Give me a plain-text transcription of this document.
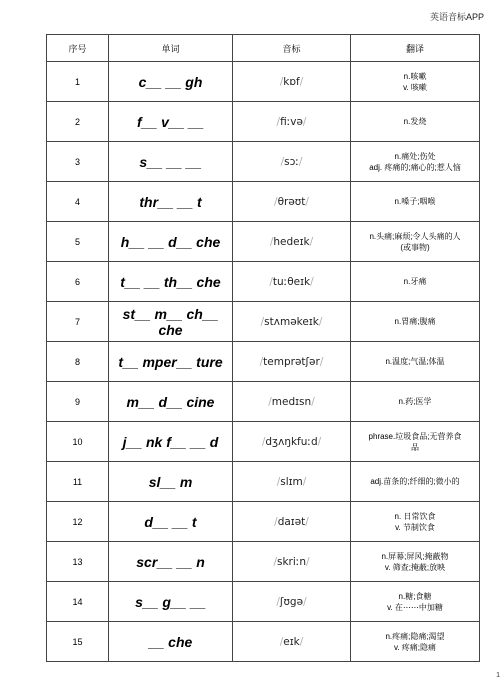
英语音标APP
序号	单词	音标	翻译
1	c__ __ gh	/kɒf/	n.咳嗽
v. 咳嗽

2	f__ v__ __	/fiːvə/	n.发烧

3	s__ __ __	/sɔː/	n.痛处;伤处
adj. 疼痛的;痛心的;惹人恼

4	thr__ __ t	/θrəʊt/	n.嗓子;咽喉

5	h__ __ d__ che	/hedeɪk/	n.头痛;麻烦;令人头痛的人
(或事物)

6	t__ __ th__ che	/tuːθeɪk/	n.牙痛

7	st__ m__ ch__ che	/stʌməkeɪk/	n.胃痛;腹痛

8	t__ mper__ ture	/temprətʃər/	n.温度;气温;体温

9	m__ d__ cine	/medɪsn/	n.药;医学

10	j__ nk f__ __ d	/dʒʌŋkfuːd/	phrase.垃圾食品;无营养食
品

11	sl__ m	/slɪm/	adj.苗条的;纤细的;微小的

12	d__ __ t	/daɪət/	n. 日常饮食
v. 节制饮食

13	scr__ __ n	/skriːn/	n.屏幕;屏风;掩蔽物
v. 筛查;掩蔽;放映

14	s__ g__ __	/ʃʊgə/	n.糖;食糖
v. 在⋯⋯中加糖

15	__ che	/eɪk/	n.疼痛;隐痛;渴望
v. 疼痛;隐痛
1
